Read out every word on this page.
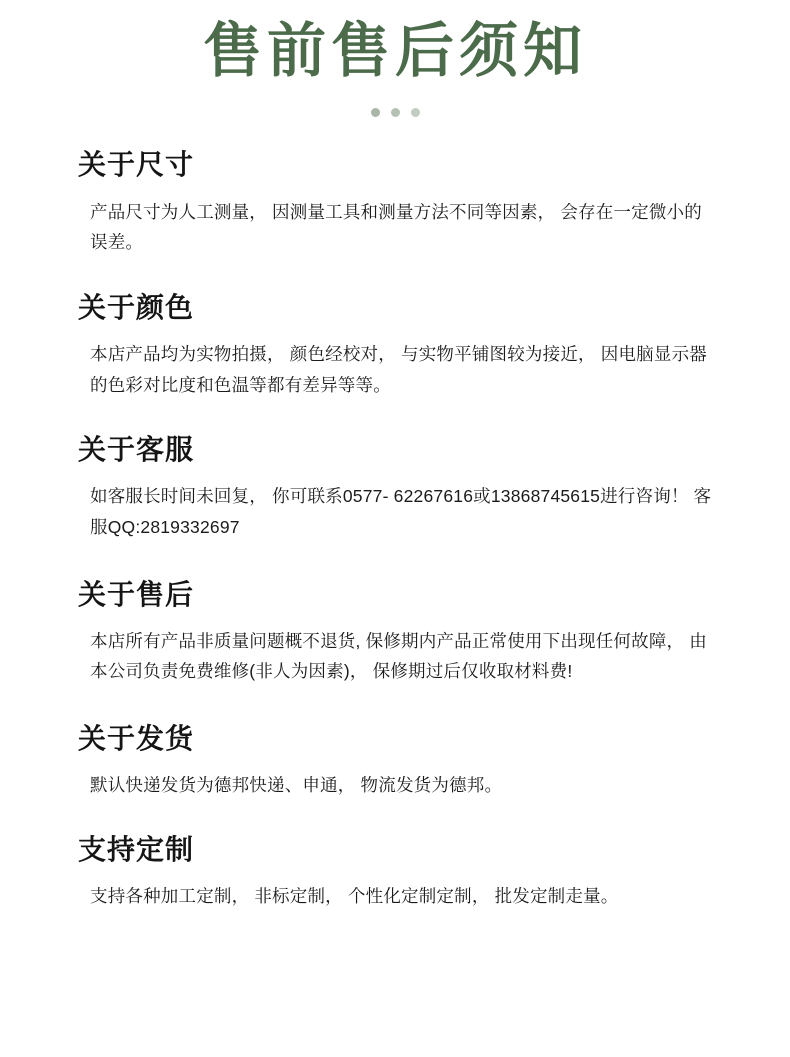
售前售后须知
关于尺寸

产品尺寸为人工测量， 因测量工具和测量方法不同等因素， 会存在一定微小的误差。

关于颜色

本店产品均为实物拍摄， 颜色经校对， 与实物平铺图较为接近， 因电脑显示器的色彩对比度和色温等都有差异等等。

关于客服

如客服长时间未回复， 你可联系0577- 62267616或13868745615进行咨询！ 客服QQ:2819332697

关于售后

本店所有产品非质量问题概不退货, 保修期内产品正常使用下出现任何故障， 由本公司负责免费维修(非人为因素)， 保修期过后仅收取材料费!

关于发货

默认快递发货为德邦快递、申通， 物流发货为德邦。

支持定制

支持各种加工定制， 非标定制， 个性化定制定制， 批发定制走量。
